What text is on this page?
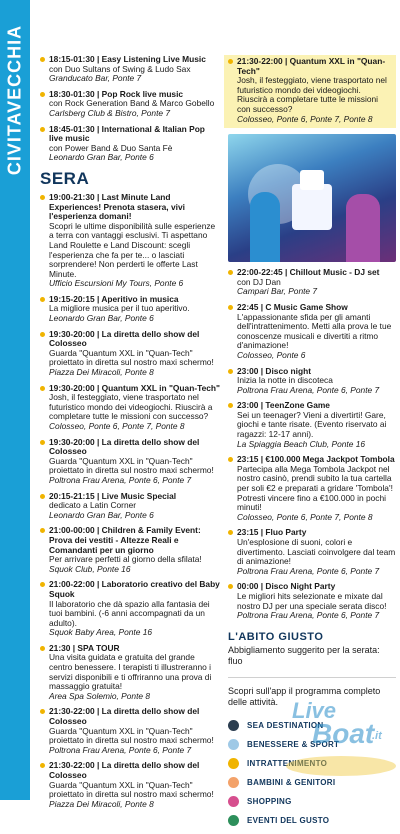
CIVITAVECCHIA	18:15-01:30 | Easy Listening Live Music
con Duo Sultans of Swing & Ludo Sax
Granducato Bar, Ponte 7
18:30-01:30 | Pop Rock live music
con Rock Generation Band & Marco Gobello
Carlsberg Club & Bistro, Ponte 7
18:45-01:30 | International & Italian Pop live music
con Power Band & Duo Santa Fè
Leonardo Gran Bar, Ponte 6
SERA
19:00-21:30 | Last Minute Land Experiences! Prenota stasera, vivi l'esperienza domani!
Scopri le ultime disponibilità sulle esperienze a terra con vantaggi esclusivi. Ti aspettano Land Roulette e Land Discount: scegli l'esperienza che fa per te... o lasciati sorprendere! Non perderti le offerte Last Minute.
Ufficio Escursioni My Tours, Ponte 6
19:15-20:15 | Aperitivo in musica
La migliore musica per il tuo aperitivo.
Leonardo Gran Bar, Ponte 6
19:30-20:00 | La diretta dello show del Colosseo
Guarda "Quantum XXL in "Quan-Tech" proiettato in diretta sul nostro maxi schermo!
Piazza Dei Miracoli, Ponte 8
19:30-20:00 | Quantum XXL in "Quan-Tech"
Josh, il festeggiato, viene trasportato nel futuristico mondo dei videogiochi. Riuscirà a completare tutte le missioni con successo?
Colosseo, Ponte 6, Ponte 7, Ponte 8
19:30-20:00 | La diretta dello show del Colosseo
Guarda "Quantum XXL in "Quan-Tech" proiettato in diretta sul nostro maxi schermo!
Poltrona Frau Arena, Ponte 6, Ponte 7
20:15-21:15 | Live Music Special
dedicato a Latin Corner
Leonardo Gran Bar, Ponte 6
21:00-00:00 | Children & Family Event: Prova dei vestiti - Altezze Reali e Comandanti per un giorno
Per arrivare perfetti al giorno della sfilata!
Squok Club, Ponte 16
21:00-22:00 | Laboratorio creativo del Baby Squok
Il laboratorio che dà spazio alla fantasia dei tuoi bambini. (-6 anni accompagnati da un adulto).
Squok Baby Area, Ponte 16
21:30 | SPA TOUR
Una visita guidata e gratuita del grande centro benessere. I terapisti ti illustreranno i servizi disponibili e ti offriranno una prova di massaggio gratuita!
Area Spa Solemio, Ponte 8
21:30-22:00 | La diretta dello show del Colosseo
Guarda "Quantum XXL in "Quan-Tech" proiettato in diretta sul nostro maxi schermo!
Poltrona Frau Arena, Ponte 6, Ponte 7
21:30-22:00 | La diretta dello show del Colosseo
Guarda "Quantum XXL in "Quan-Tech" proiettato in diretta sul nostro maxi schermo!
Piazza Dei Miracoli, Ponte 8
21:30-22:00 | Quantum XXL in "Quan-Tech"
Josh, il festeggiato, viene trasportato nel futuristico mondo dei videogiochi. Riuscirà a completare tutte le missioni con successo?
Colosseo, Ponte 6, Ponte 7, Ponte 8
22:00-22:45 | Chillout Music - DJ set
con DJ Dan
Campari Bar, Ponte 7
22:45 | C Music Game Show
L'appassionante sfida per gli amanti dell'intrattenimento. Metti alla prova le tue conoscenze musicali e divertiti a ritmo d'animazione!
Colosseo, Ponte 6
23:00 | Disco night
Inizia la notte in discoteca
Poltrona Frau Arena, Ponte 6, Ponte 7
23:00 | TeenZone Game
Sei un teenager? Vieni a divertirti! Gare, giochi e tante risate. (Evento riservato ai ragazzi: 12-17 anni).
La Spiaggia Beach Club, Ponte 16
23:15 | €100.000 Mega Jackpot Tombola
Partecipa alla Mega Tombola Jackpot nel nostro casinò, prendi subito la tua cartella per soli €2 e preparati a gridare 'Tombola'! Potresti vincere fino a €100.000 in pochi minuti!
Colosseo, Ponte 6, Ponte 7, Ponte 8
23:15 | Fluo Party
Un'esplosione di suoni, colori e divertimento. Lasciati coinvolgere dal team di animazione!
Poltrona Frau Arena, Ponte 6, Ponte 7
00:00 | Disco Night Party
Le migliori hits selezionate e mixate dal nostro DJ per una speciale serata disco!
Poltrona Frau Arena, Ponte 6, Ponte 7
L'ABITO GIUSTO
Abbigliamento suggerito per la serata: fluo
Scopri sull'app il programma completo delle attività.
SEA DESTINATION
BENESSERE & SPORT
INTRATTENIMENTO
BAMBINI & GENITORI
SHOPPING
EVENTI DEL GUSTO
Live
Boat
.it
